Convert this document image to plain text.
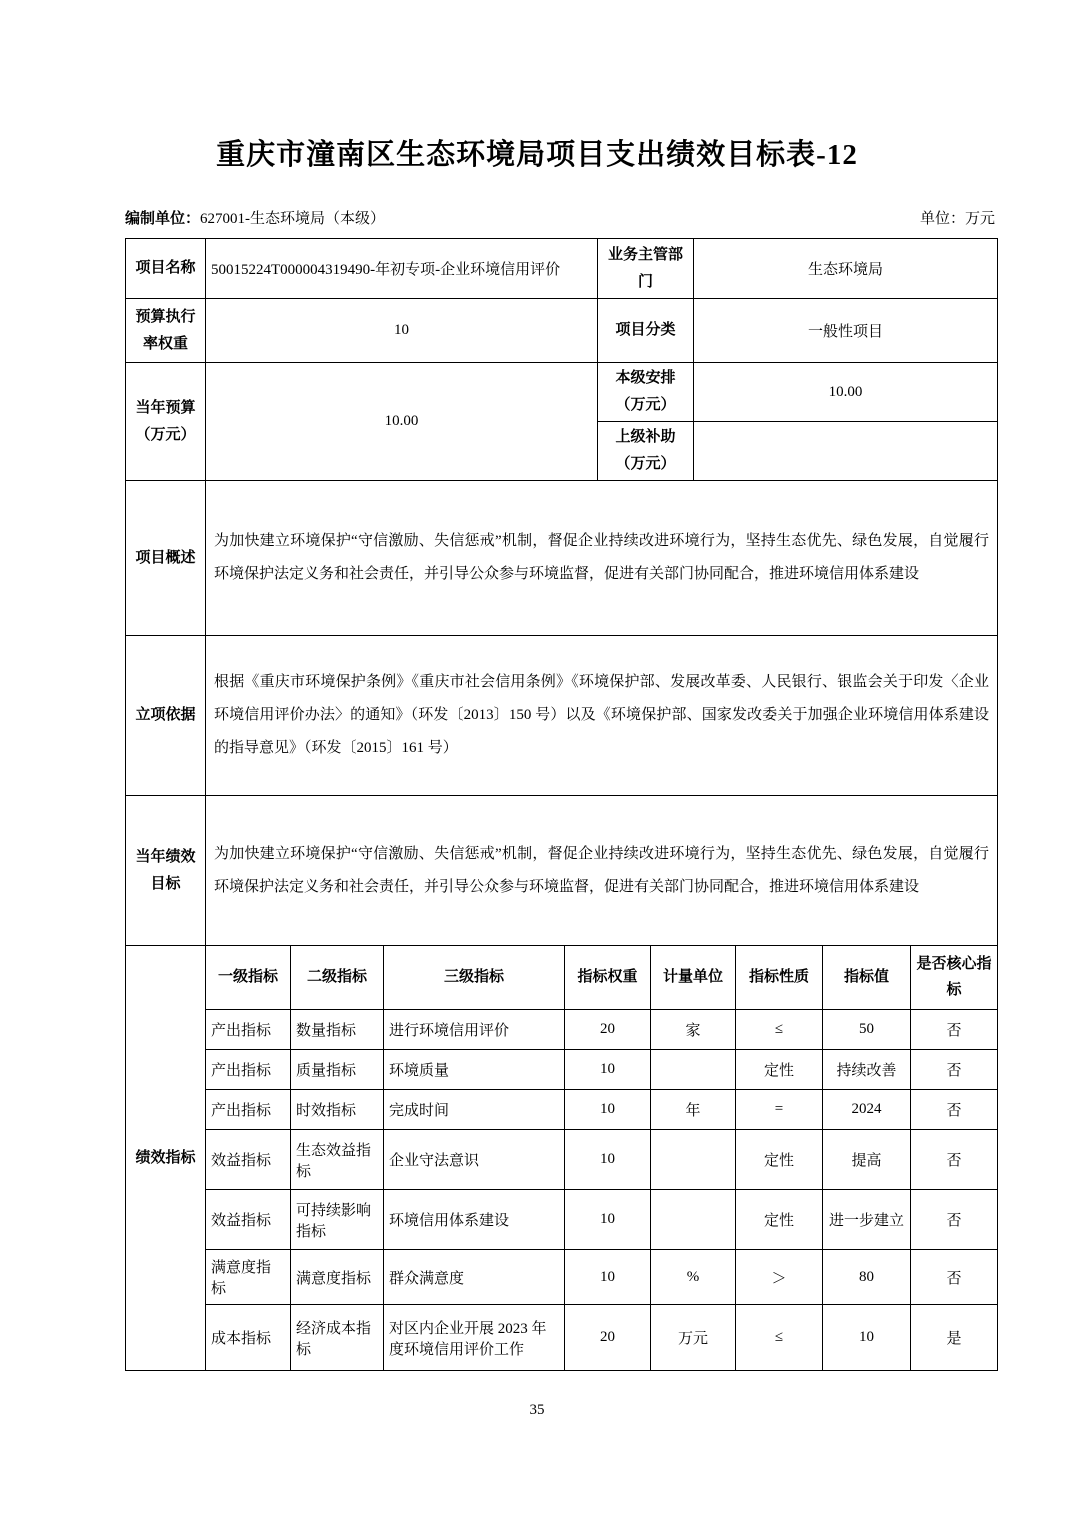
重庆市潼南区生态环境局项目支出绩效目标表-12
编制单位：627001-生态环境局（本级）	单位：万元
项目名称	50015224T000004319490-年初专项-企业环境信用评价	业务主管部门	生态环境局
预算执行率权重	10	项目分类	一般性项目
当年预算（万元）	10.00	本级安排（万元）	10.00
		上级补助（万元）	
项目概述	为加快建立环境保护“守信激励、失信惩戒”机制，督促企业持续改进环境行为，坚持生态优先、绿色发展，自觉履行环境保护法定义务和社会责任，并引导公众参与环境监督，促进有关部门协同配合，推进环境信用体系建设
立项依据	根据《重庆市环境保护条例》《重庆市社会信用条例》《环境保护部、发展改革委、人民银行、银监会关于印发〈企业环境信用评价办法〉的通知》（环发〔2013〕150 号）以及《环境保护部、国家发改委关于加强企业环境信用体系建设的指导意见》（环发〔2015〕161 号）
当年绩效目标	为加快建立环境保护“守信激励、失信惩戒”机制，督促企业持续改进环境行为，坚持生态优先、绿色发展，自觉履行环境保护法定义务和社会责任，并引导公众参与环境监督，促进有关部门协同配合，推进环境信用体系建设
绩效指标	一级指标	二级指标	三级指标	指标权重	计量单位	指标性质	指标值	是否核心指标
	产出指标	数量指标	进行环境信用评价	20	家	≤	50	否
	产出指标	质量指标	环境质量	10		定性	持续改善	否
	产出指标	时效指标	完成时间	10	年	=	2024	否
	效益指标	生态效益指标	企业守法意识	10		定性	提高	否
	效益指标	可持续影响指标	环境信用体系建设	10		定性	进一步建立	否
	满意度指标	满意度指标	群众满意度	10	%	＞	80	否
	成本指标	经济成本指标	对区内企业开展 2023 年度环境信用评价工作	20	万元	≤	10	是
35
